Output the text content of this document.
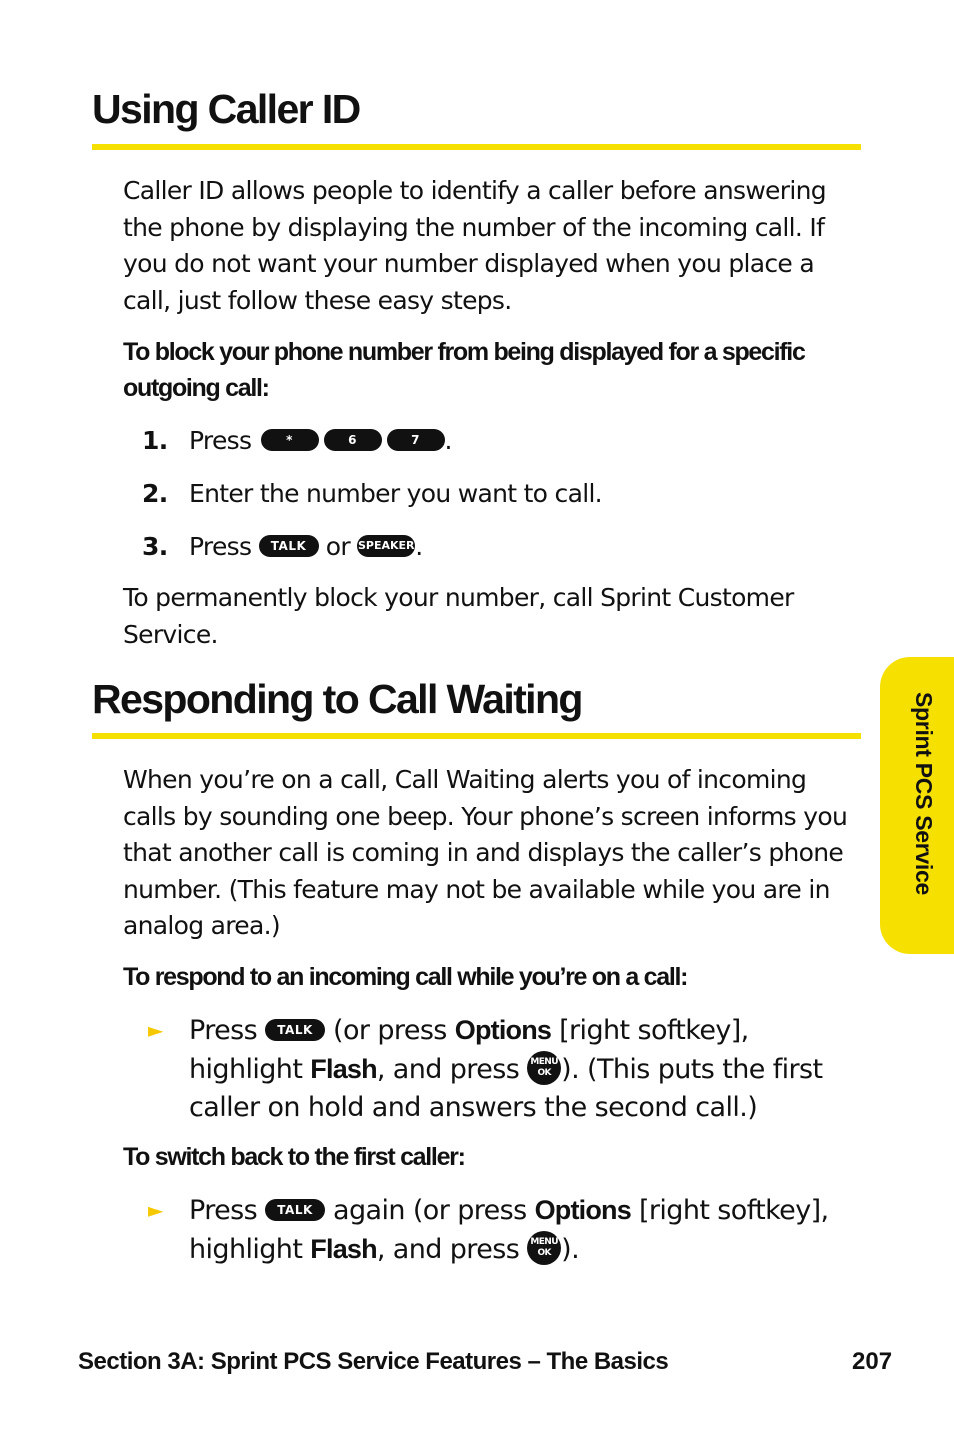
Using Caller ID

Caller ID allows people to identify a caller before answering the phone by displaying the number of the incoming call. If you do not want your number displayed when you place a call, just follow these easy steps.

To block your phone number from being displayed for a specific outgoing call:

1. Press	*	6	7 .
2. Enter the number you want to call.
3. Press TALK or SPEAKER.

To permanently block your number, call Sprint Customer Service.

Responding to Call Waiting

When you’re on a call, Call Waiting alerts you of incoming calls by sounding one beep. Your phone’s screen informs you that another call is coming in and displays the caller’s phone number. (This feature may not be available while you are in analog area.)

To respond to an incoming call while you’re on a call:

► Press TALK (or press Options [right softkey], highlight Flash, and press	MENU
OK ). (This puts the first caller on hold and answers the second call.)

To switch back to the first caller:

► Press TALK again (or press Options [right softkey], highlight Flash, and press	MENU
OK ).
Sprint PCS Service
Section 3A: Sprint PCS Service Features – The Basics	207
